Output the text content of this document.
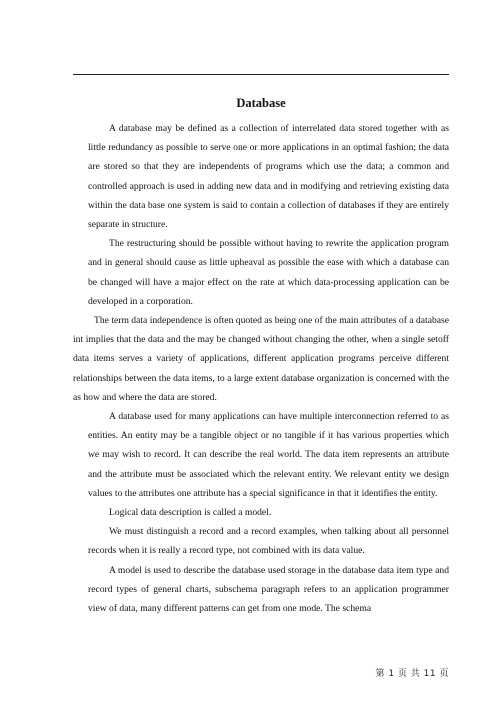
Database

A database may be defined as a collection of interrelated data stored together with as little redundancy as possible to serve one or more applications in an optimal fashion; the data are stored so that they are independents of programs which use the data; a common and controlled approach is used in adding new data and in modifying and retrieving existing data within the data base one system is said to contain a collection of databases if they are entirely separate in structure.

The restructuring should be possible without having to rewrite the application program and in general should cause as little upheaval as possible the ease with which a database can be changed will have a major effect on the rate at which data-processing application can be developed in a corporation.

The term data independence is often quoted as being one of the main attributes of a database int implies that the data and the may be changed without changing the other, when a single setoff data items serves a variety of applications, different application programs perceive different relationships between the data items, to a large extent database organization is concerned with the as how and where the data are stored.

A database used for many applications can have multiple interconnection referred to as entities. An entity may be a tangible object or no tangible if it has various properties which we may wish to record. It can describe the real world. The data item represents an attribute and the attribute must be associated which the relevant entity. We relevant entity we design values to the attributes one attribute has a special significance in that it identifies the entity.

Logical data description is called a model.

We must distinguish a record and a record examples, when talking about all personnel records when it is really a record type, not combined with its data value.

A model is used to describe the database used storage in the database data item type and record types of general charts, subschema paragraph refers to an application programmer view of data, many different patterns can get from one mode. The schema

第 1 页 共 11 页
